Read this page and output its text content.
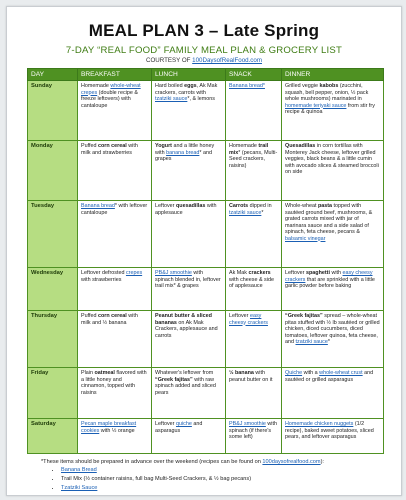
MEAL PLAN 3 – Late Spring
7-DAY “REAL FOOD” FAMILY MEAL PLAN & GROCERY LIST
COURTESY OF 100DaysofRealFood.com
DAY	BREAKFAST	LUNCH	SNACK	DINNER
Sunday	Homemade whole-wheat crepes (double recipe & freeze leftovers) with cantaloupe	Hard boiled eggs, Ak Mak crackers, carrots with tzatziki sauce*, & lemons	Banana bread*	Grilled veggie kabobs (zucchini, squash, bell pepper, onion, ½ pack whole mushrooms) marinated in homemade teriyaki sauce from stir fry recipe & quinoa
Monday	Puffed corn cereal with milk and strawberries	Yogurt and a little honey with banana bread* and grapes	Homemade trail mix* (pecans, Multi-Seed crackers, raisins)	Quesadillas in corn tortillas with Monterey Jack cheese, leftover grilled veggies, black beans & a little cumin with avocado slices & steamed broccoli on side
Tuesday	Banana bread* with leftover cantaloupe	Leftover quesadillas with applesauce	Carrots dipped in tzatziki sauce*	Whole-wheat pasta topped with sautéed ground beef, mushrooms, & grated carrots mixed with jar of marinara sauce and a side salad of spinach, feta cheese, pecans & balsamic vinegar
Wednesday	Leftover defrosted crepes with strawberries	PB&J smoothie with spinach blended in, leftover trail mix* & grapes	Ak Mak crackers with cheese & side of applesauce	Leftover spaghetti with easy cheesy crackers that are sprinkled with a little garlic powder before baking
Thursday	Puffed corn cereal with milk and ½ banana	Peanut butter & sliced bananas on Ak Mak Crackers, applesauce and carrots	Leftover easy cheesy crackers	“Greek fajitas” spread – whole-wheat pitas stuffed with ½ lb sautéed or grilled chicken, diced cucumbers, diced tomatoes, leftover quinoa, feta cheese, and tzatziki sauce*
Friday	Plain oatmeal flavored with a little honey and cinnamon, topped with raisins	Whatever's leftover from “Greek fajitas” with raw spinach added and sliced pears	½ banana with peanut butter on it	Quiche with a whole-wheat crust and sautéed or grilled asparagus
Saturday	Pecan maple breakfast cookies with ½ orange	Leftover quiche and asparagus	PB&J smoothie with spinach (if there's some left)	Homemade chicken nuggets (1/2 recipe), baked sweet potatoes, sliced pears, and leftover asparagus
*These items should be prepared in advance over the weekend (recipes can be found on 100daysofrealfood.com):
• Banana Bread
• Trail Mix (½ container raisins, full bag Multi-Seed Crackers, & ½ bag pecans)
• Tzatziki Sauce
